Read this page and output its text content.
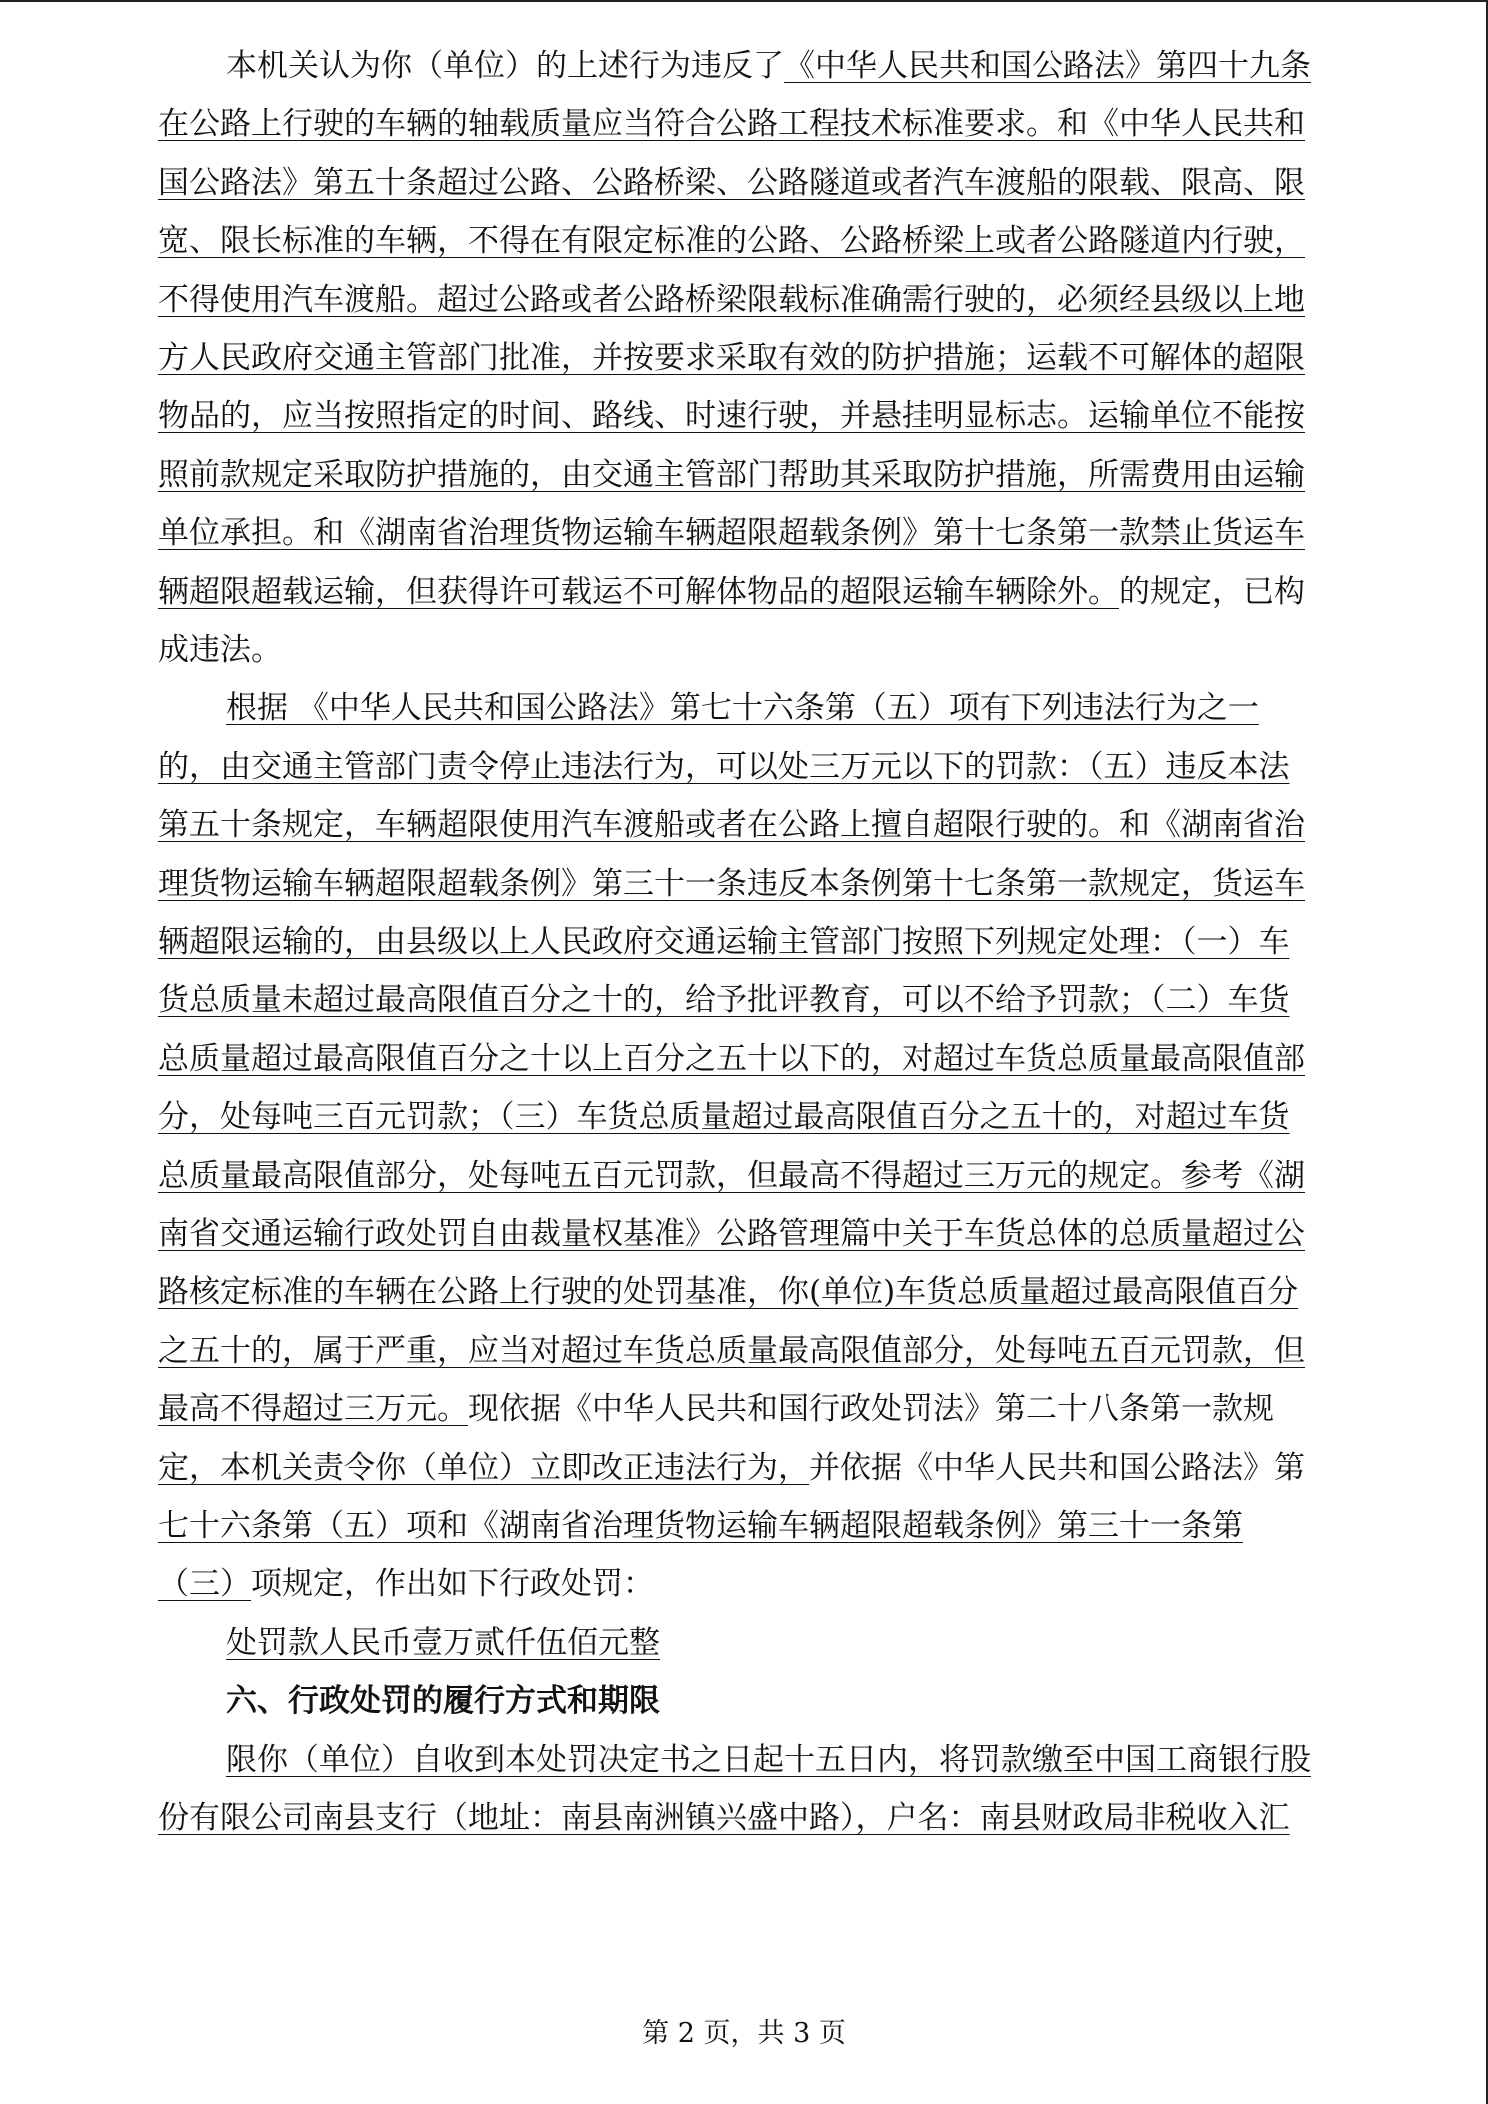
本机关认为你（单位）的上述行为违反了《中华人民共和国公路法》第四十九条
在公路上行驶的车辆的轴载质量应当符合公路工程技术标准要求。和《中华人民共和
国公路法》第五十条超过公路、公路桥梁、公路隧道或者汽车渡船的限载、限高、限
宽、限长标准的车辆，不得在有限定标准的公路、公路桥梁上或者公路隧道内行驶，
不得使用汽车渡船。超过公路或者公路桥梁限载标准确需行驶的，必须经县级以上地
方人民政府交通主管部门批准，并按要求采取有效的防护措施；运载不可解体的超限
物品的，应当按照指定的时间、路线、时速行驶，并悬挂明显标志。运输单位不能按
照前款规定采取防护措施的，由交通主管部门帮助其采取防护措施，所需费用由运输
单位承担。和《湖南省治理货物运输车辆超限超载条例》第十七条第一款禁止货运车
辆超限超载运输，但获得许可载运不可解体物品的超限运输车辆除外。的规定，已构
成违法。
根据 《中华人民共和国公路法》第七十六条第（五）项有下列违法行为之一
的，由交通主管部门责令停止违法行为，可以处三万元以下的罚款：（五）违反本法
第五十条规定，车辆超限使用汽车渡船或者在公路上擅自超限行驶的。和《湖南省治
理货物运输车辆超限超载条例》第三十一条违反本条例第十七条第一款规定，货运车
辆超限运输的，由县级以上人民政府交通运输主管部门按照下列规定处理：（一）车
货总质量未超过最高限值百分之十的，给予批评教育，可以不给予罚款；（二）车货
总质量超过最高限值百分之十以上百分之五十以下的，对超过车货总质量最高限值部
分，处每吨三百元罚款；（三）车货总质量超过最高限值百分之五十的，对超过车货
总质量最高限值部分，处每吨五百元罚款，但最高不得超过三万元的规定。参考《湖
南省交通运输行政处罚自由裁量权基准》公路管理篇中关于车货总体的总质量超过公
路核定标准的车辆在公路上行驶的处罚基准，你(单位)车货总质量超过最高限值百分
之五十的，属于严重，应当对超过车货总质量最高限值部分，处每吨五百元罚款，但
最高不得超过三万元。现依据《中华人民共和国行政处罚法》第二十八条第一款规
定，本机关责令你（单位）立即改正违法行为，并依据《中华人民共和国公路法》第
七十六条第（五）项和《湖南省治理货物运输车辆超限超载条例》第三十一条第
（三）项规定，作出如下行政处罚：
处罚款人民币壹万贰仟伍佰元整
六、行政处罚的履行方式和期限
限你（单位）自收到本处罚决定书之日起十五日内，将罚款缴至中国工商银行股
份有限公司南县支行（地址：南县南洲镇兴盛中路），户名：南县财政局非税收入汇
第 2 页，共 3 页
